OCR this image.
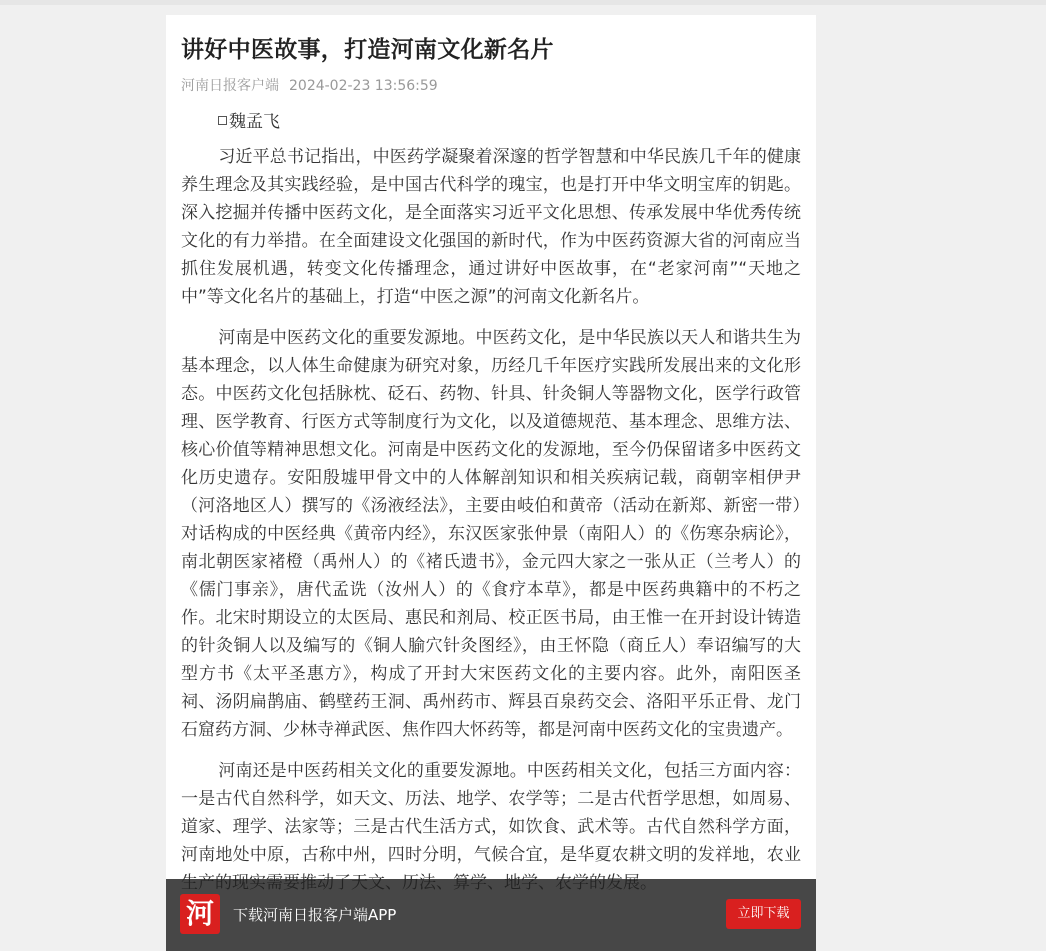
讲好中医故事，打造河南文化新名片
河南日报客户端 2024-02-23 13:56:59
魏孟飞

习近平总书记指出，中医药学凝聚着深邃的哲学智慧和中华民族几千年的健康养生理念及其实践经验，是中国古代科学的瑰宝，也是打开中华文明宝库的钥匙。深入挖掘并传播中医药文化，是全面落实习近平文化思想、传承发展中华优秀传统文化的有力举措。在全面建设文化强国的新时代，作为中医药资源大省的河南应当抓住发展机遇，转变文化传播理念，通过讲好中医故事，在“老家河南”“天地之中”等文化名片的基础上，打造“中医之源”的河南文化新名片。

河南是中医药文化的重要发源地。中医药文化，是中华民族以天人和谐共生为基本理念，以人体生命健康为研究对象，历经几千年医疗实践所发展出来的文化形态。中医药文化包括脉枕、砭石、药物、针具、针灸铜人等器物文化，医学行政管理、医学教育、行医方式等制度行为文化，以及道德规范、基本理念、思维方法、核心价值等精神思想文化。河南是中医药文化的发源地，至今仍保留诸多中医药文化历史遗存。安阳殷墟甲骨文中的人体解剖知识和相关疾病记载，商朝宰相伊尹（河洛地区人）撰写的《汤液经法》，主要由岐伯和黄帝（活动在新郑、新密一带）对话构成的中医经典《黄帝内经》，东汉医家张仲景（南阳人）的《伤寒杂病论》，南北朝医家褚橙（禹州人）的《褚氏遗书》，金元四大家之一张从正（兰考人）的《儒门事亲》，唐代孟诜（汝州人）的《食疗本草》，都是中医药典籍中的不朽之作。北宋时期设立的太医局、惠民和剂局、校正医书局，由王惟一在开封设计铸造的针灸铜人以及编写的《铜人腧穴针灸图经》，由王怀隐（商丘人）奉诏编写的大型方书《太平圣惠方》，构成了开封大宋医药文化的主要内容。此外，南阳医圣祠、汤阴扁鹊庙、鹤壁药王洞、禹州药市、辉县百泉药交会、洛阳平乐正骨、龙门石窟药方洞、少林寺禅武医、焦作四大怀药等，都是河南中医药文化的宝贵遗产。

河南还是中医药相关文化的重要发源地。中医药相关文化，包括三方面内容：一是古代自然科学，如天文、历法、地学、农学等；二是古代哲学思想，如周易、道家、理学、法家等；三是古代生活方式，如饮食、武术等。古代自然科学方面，河南地处中原，古称中州，四时分明，气候合宜，是华夏农耕文明的发祥地，农业

河	下载河南日报客户端APP	立即下载
